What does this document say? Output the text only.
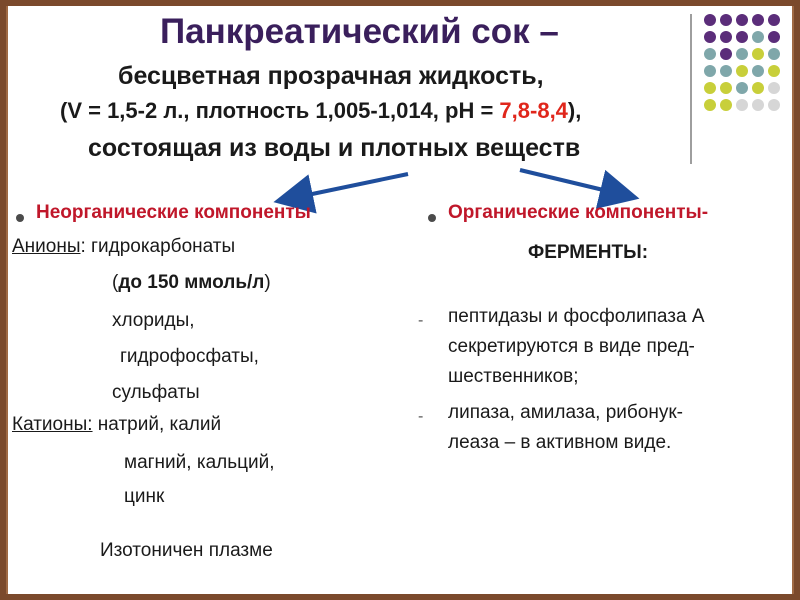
Панкреатический сок –
бесцветная прозрачная жидкость,
(V = 1,5-2 л., плотность 1,005-1,014, рН = 7,8-8,4),
состоящая из воды и плотных веществ
Неорганические компоненты	Органические компоненты-
Анионы: гидрокарбонаты
(до 150 ммоль/л)
хлориды,
гидрофосфаты,
сульфаты
Катионы: натрий, калий
магний, кальций,
цинк
Изотоничен плазме
ФЕРМЕНТЫ:
- пептидазы и фосфолипаза А
секретируются в виде пред-
шественников;
- липаза, амилаза, рибонук-
леаза – в активном виде.
